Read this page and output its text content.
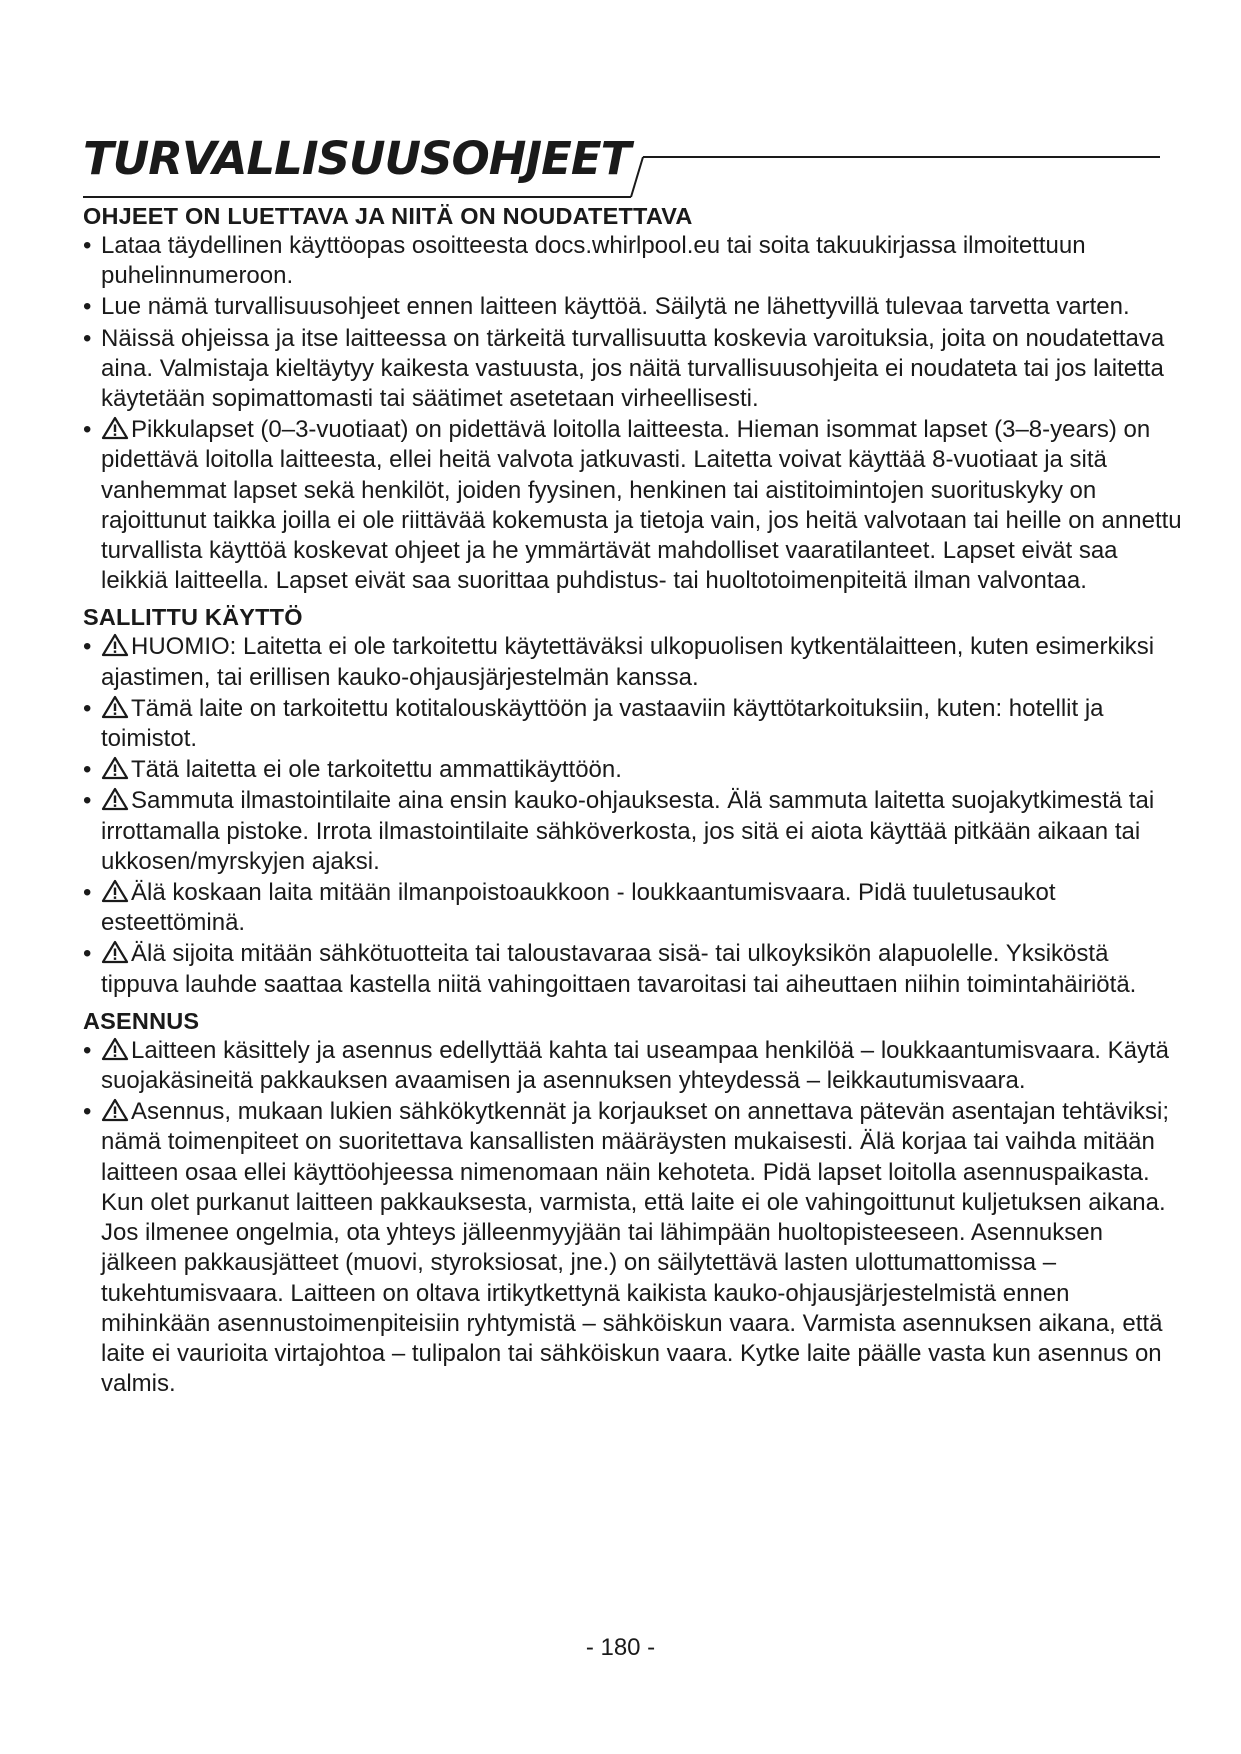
TURVALLISUUSOHJEET
OHJEET ON LUETTAVA JA NIITÄ ON NOUDATETTAVA
• Lataa täydellinen käyttöopas osoitteesta docs.whirlpool.eu tai soita takuukirjassa ilmoitettuun puhelinnumeroon.
• Lue nämä turvallisuusohjeet ennen laitteen käyttöä. Säilytä ne lähettyvillä tulevaa tarvetta varten.
• Näissä ohjeissa ja itse laitteessa on tärkeitä turvallisuutta koskevia varoituksia, joita on noudatettava aina. Valmistaja kieltäytyy kaikesta vastuusta, jos näitä turvallisuusohjeita ei noudateta tai jos laitetta käytetään sopimattomasti tai säätimet asetetaan virheellisesti.
• Pikkulapset (0–3-vuotiaat) on pidettävä loitolla laitteesta. Hieman isommat lapset (3–8-years) on pidettävä loitolla laitteesta, ellei heitä valvota jatkuvasti. Laitetta voivat käyttää 8-vuotiaat ja sitä vanhemmat lapset sekä henkilöt, joiden fyysinen, henkinen tai aistitoimintojen suorituskyky on rajoittunut taikka joilla ei ole riittävää kokemusta ja tietoja vain, jos heitä valvotaan tai heille on annettu turvallista käyttöä koskevat ohjeet ja he ymmärtävät mahdolliset vaaratilanteet. Lapset eivät saa leikkiä laitteella. Lapset eivät saa suorittaa puhdistus- tai huoltotoimenpiteitä ilman valvontaa.
SALLITTU KÄYTTÖ
• HUOMIO: Laitetta ei ole tarkoitettu käytettäväksi ulkopuolisen kytkentälaitteen, kuten esimerkiksi ajastimen, tai erillisen kauko-ohjausjärjestelmän kanssa.
• Tämä laite on tarkoitettu kotitalouskäyttöön ja vastaaviin käyttötarkoituksiin, kuten: hotellit ja toimistot.
• Tätä laitetta ei ole tarkoitettu ammattikäyttöön.
• Sammuta ilmastointilaite aina ensin kauko-ohjauksesta. Älä sammuta laitetta suojakytkimestä tai irrottamalla pistoke. Irrota ilmastointilaite sähköverkosta, jos sitä ei aiota käyttää pitkään aikaan tai ukkosen/myrskyjen ajaksi.
• Älä koskaan laita mitään ilmanpoistoaukkoon - loukkaantumisvaara. Pidä tuuletusaukot esteettöminä.
• Älä sijoita mitään sähkötuotteita tai taloustavaraa sisä- tai ulkoyksikön alapuolelle. Yksiköstä tippuva lauhde saattaa kastella niitä vahingoittaen tavaroitasi tai aiheuttaen niihin toimintahäiriötä.
ASENNUS
• Laitteen käsittely ja asennus edellyttää kahta tai useampaa henkilöä – loukkaantumisvaara. Käytä suojakäsineitä pakkauksen avaamisen ja asennuksen yhteydessä – leikkautumisvaara.
• Asennus, mukaan lukien sähkökytkennät ja korjaukset on annettava pätevän asentajan tehtäviksi; nämä toimenpiteet on suoritettava kansallisten määräysten mukaisesti. Älä korjaa tai vaihda mitään laitteen osaa ellei käyttöohjeessa nimenomaan näin kehoteta. Pidä lapset loitolla asennuspaikasta. Kun olet purkanut laitteen pakkauksesta, varmista, että laite ei ole vahingoittunut kuljetuksen aikana. Jos ilmenee ongelmia, ota yhteys jälleenmyyjään tai lähimpään huoltopisteeseen. Asennuksen jälkeen pakkausjätteet (muovi, styroksiosat, jne.) on säilytettävä lasten ulottumattomissa – tukehtumisvaara. Laitteen on oltava irtikytkettynä kaikista kauko-ohjausjärjestelmistä ennen mihinkään asennustoimenpiteisiin ryhtymistä – sähköiskun vaara. Varmista asennuksen aikana, että laite ei vaurioita virtajohtoa – tulipalon tai sähköiskun vaara. Kytke laite päälle vasta kun asennus on valmis.
- 180 -
